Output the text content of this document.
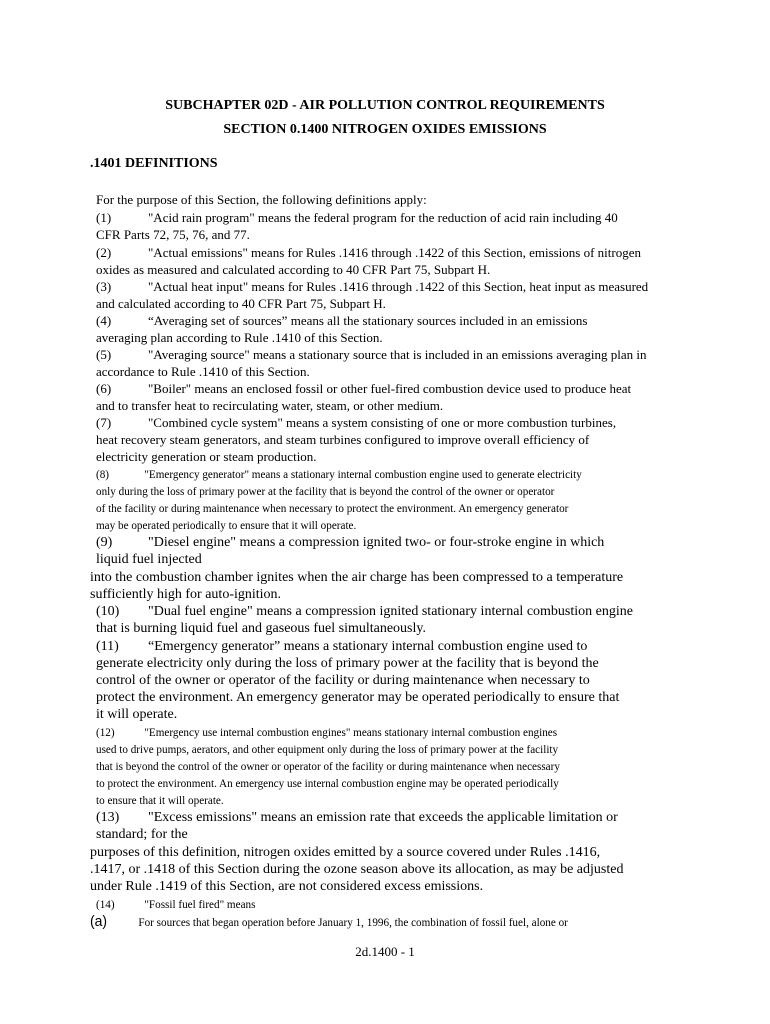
SUBCHAPTER 02D - AIR POLLUTION CONTROL REQUIREMENTS
SECTION 0.1400 NITROGEN OXIDES EMISSIONS
.1401 DEFINITIONS
For the purpose of this Section, the following definitions apply:
(1)	"Acid rain program" means the federal program for the reduction of acid rain including 40
CFR Parts 72, 75, 76, and 77.
(2)	"Actual emissions" means for Rules .1416 through .1422 of this Section, emissions of nitrogen
oxides as measured and calculated according to 40 CFR Part 75, Subpart H.
(3)	"Actual heat input" means for Rules .1416 through .1422 of this Section, heat input as measured
and calculated according to 40 CFR Part 75, Subpart H.
(4)	“Averaging set of sources” means all the stationary sources included in an emissions
averaging plan according to Rule .1410 of this Section.
(5)	"Averaging source" means a stationary source that is included in an emissions averaging plan in
accordance to Rule .1410 of this Section.
(6)	"Boiler" means an enclosed fossil or other fuel-fired combustion device used to produce heat
and to transfer heat to recirculating water, steam, or other medium.
(7)	"Combined cycle system" means a system consisting of one or more combustion turbines,
heat recovery steam generators, and steam turbines configured to improve overall efficiency of
electricity generation or steam production.
(8)	"Emergency generator" means a stationary internal combustion engine used to generate electricity
only during the loss of primary power at the facility that is beyond the control of the owner or operator
of the facility or during maintenance when necessary to protect the environment. An emergency generator
may be operated periodically to ensure that it will operate.
(9)	"Diesel engine" means a compression ignited two- or four-stroke engine in which
liquid fuel injected
into the combustion chamber ignites when the air charge has been compressed to a temperature
sufficiently high for auto-ignition.
(10) "Dual fuel engine" means a compression ignited stationary internal combustion engine
that is burning liquid fuel and gaseous fuel simultaneously.
(11) “Emergency generator” means a stationary internal combustion engine used to
generate electricity only during the loss of primary power at the facility that is beyond the
control of the owner or operator of the facility or during maintenance when necessary to
protect the environment. An emergency generator may be operated periodically to ensure that
it will operate.
(12) "Emergency use internal combustion engines" means stationary internal combustion engines
used to drive pumps, aerators, and other equipment only during the loss of primary power at the facility
that is beyond the control of the owner or operator of the facility or during maintenance when necessary
to protect the environment. An emergency use internal combustion engine may be operated periodically
to ensure that it will operate.
(13) "Excess emissions" means an emission rate that exceeds the applicable limitation or
standard; for the
purposes of this definition, nitrogen oxides emitted by a source covered under Rules .1416,
.1417, or .1418 of this Section during the ozone season above its allocation, as may be adjusted
under Rule .1419 of this Section, are not considered excess emissions.
(14) "Fossil fuel fired" means
(a)	For sources that began operation before January 1, 1996, the combination of fossil fuel, alone or
2d.1400 - 1
